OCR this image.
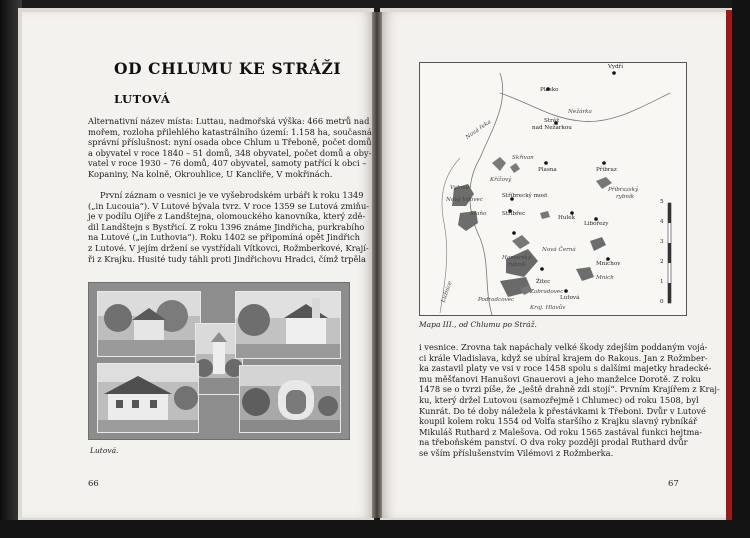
OD CHLUMU KE STRÁŽI
LUTOVÁ
Alternativní název místa: Luttau, nadmořská výška: 466 metrů nad
mořem, rozloha přilehlého katastrálního území: 1.158 ha, současná
správní příslušnost: nyní osada obce Chlum u Třeboně, počet domů
a obyvatel v roce 1840 – 51 domů, 348 obyvatel, počet domů a oby-
vatel v roce 1930 – 76 domů, 407 obyvatel, samoty patřící k obci –
Kopaniny, Na kolně, Okrouhlice, U Kancliře, V mokřinách.
První záznam o vesnici je ve vyšebrodském urbáři k roku 1349
(„in Lucouia“). V Lutové bývala tvrz. V roce 1359 se Lutová zmiňu-
je v podílu Ojíře z Landštejna, olomouckého kanovníka, který zdě-
dil Landštejn s Bystřicí. Z roku 1396 známe Jindřicha, purkrabího
na Lutové („in Luthovia“). Roku 1402 se připomíná opět Jindřich
z Lutové. V jejím držení se vystřídali Vítkovci, Rožmberkové, Krají-
ři z Krajku. Husité tudy táhli proti Jindřichovu Hradci, čímž trpěla
Lutová.
66
Vydří
Plasko
Nežárka
Stráž
nad Nežárkou
Nová řeka
Skřivan
Křížový
Plasna	Příbraz
Příbrazský
rybník
Vyhnal
Stříbrecký most
Stříbřec
Nový Vdovec
Staňo
Hulek
Libořezy
Nová Černá
Hamerský
rybník	Mníchov
Žitec
Mnich
Zabradovec
Lutová
Podradcovec
Kraj. Hlavův
Lužnice	0
1
2
3
4
5
Mapa III., od Chlumu po Stráž.
i vesnice. Zrovna tak napáchaly velké škody zdejším poddaným vojá-
ci krále Vladislava, když se ubíral krajem do Rakous. Jan z Rožmber-
ka zastavil platy ve vsi v roce 1458 spolu s dalšími majetky hradecké-
mu měšťanovi Hanušovi Gnauerovi a jeho manželce Dorotě. Z roku
1478 se o tvrzi píše, že „ještě drahně zdi stojí“. Prvním Krajířem z Kraj-
ku, který držel Lutovou (samozřejmě i Chlumec) od roku 1508, byl
Kunrát. Do té doby náležela k přestávkami k Třeboni. Dvůr v Lutové
koupil kolem roku 1554 od Volfa staršího z Krajku slavný rybníkář
Mikuláš Ruthard z Malešova. Od roku 1565 zastával funkci hejtma-
na třeboňském panství. O dva roky později prodal Ruthard dvůr
se vším příslušenstvím Vilémovi z Rožmberka.
67
